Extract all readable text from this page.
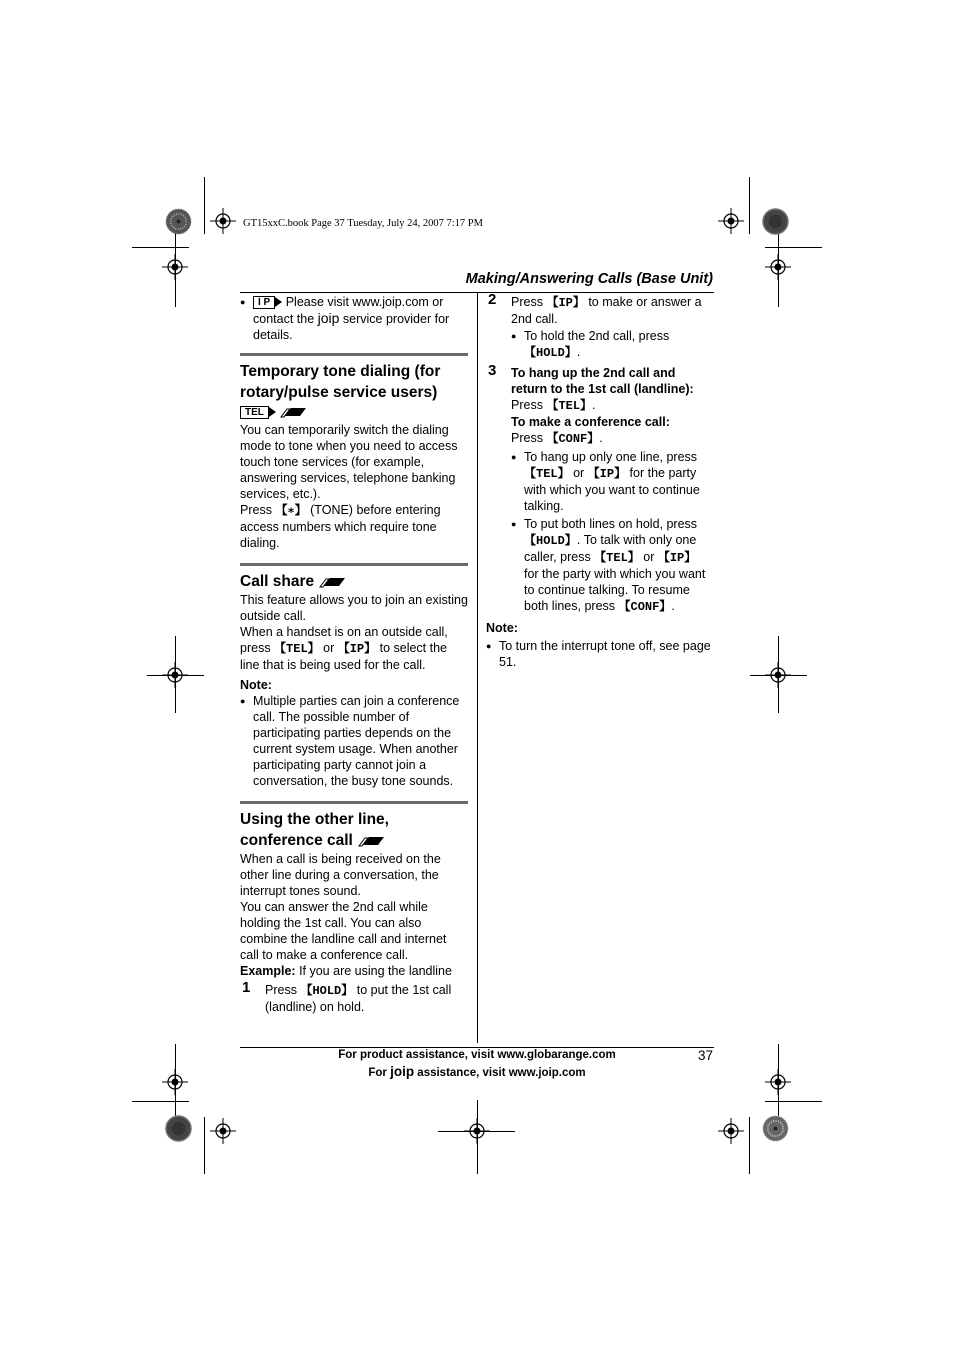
GT15xxC.book Page 37 Tuesday, July 24, 2007 7:17 PM
Making/Answering Calls (Base Unit)

● I P Please visit www.joip.com or contact the joip service provider for details.

Temporary tone dialing (for rotary/pulse service users)
TEL

You can temporarily switch the dialing mode to tone when you need to access touch tone services (for example, answering services, telephone banking services, etc.).

Press 【∗】 (TONE) before entering access numbers which require tone dialing.

Call share

This feature allows you to join an existing outside call.

When a handset is on an outside call, press 【TEL】 or 【IP】 to select the line that is being used for the call.

Note:

● Multiple parties can join a conference call. The possible number of participating parties depends on the current system usage. When another participating party cannot join a conversation, the busy tone sounds.

Using the other line, conference call

When a call is being received on the other line during a conversation, the interrupt tones sound.

You can answer the 2nd call while holding the 1st call. You can also combine the landline call and internet call to make a conference call.

Example: If you are using the landline

1 Press 【HOLD】 to put the 1st call (landline) on hold.

2 Press 【IP】 to make or answer a 2nd call.

● To hold the 2nd call, press 【HOLD】.

3 To hang up the 2nd call and return to the 1st call (landline):

Press 【TEL】.

To make a conference call:

Press 【CONF】.

● To hang up only one line, press 【TEL】 or 【IP】 for the party with which you want to continue talking.

● To put both lines on hold, press 【HOLD】. To talk with only one caller, press 【TEL】 or 【IP】 for the party with which you want to continue talking. To resume both lines, press 【CONF】.

Note:

● To turn the interrupt tone off, see page 51.

For product assistance, visit www.globarange.com
For joip assistance, visit www.joip.com
37
